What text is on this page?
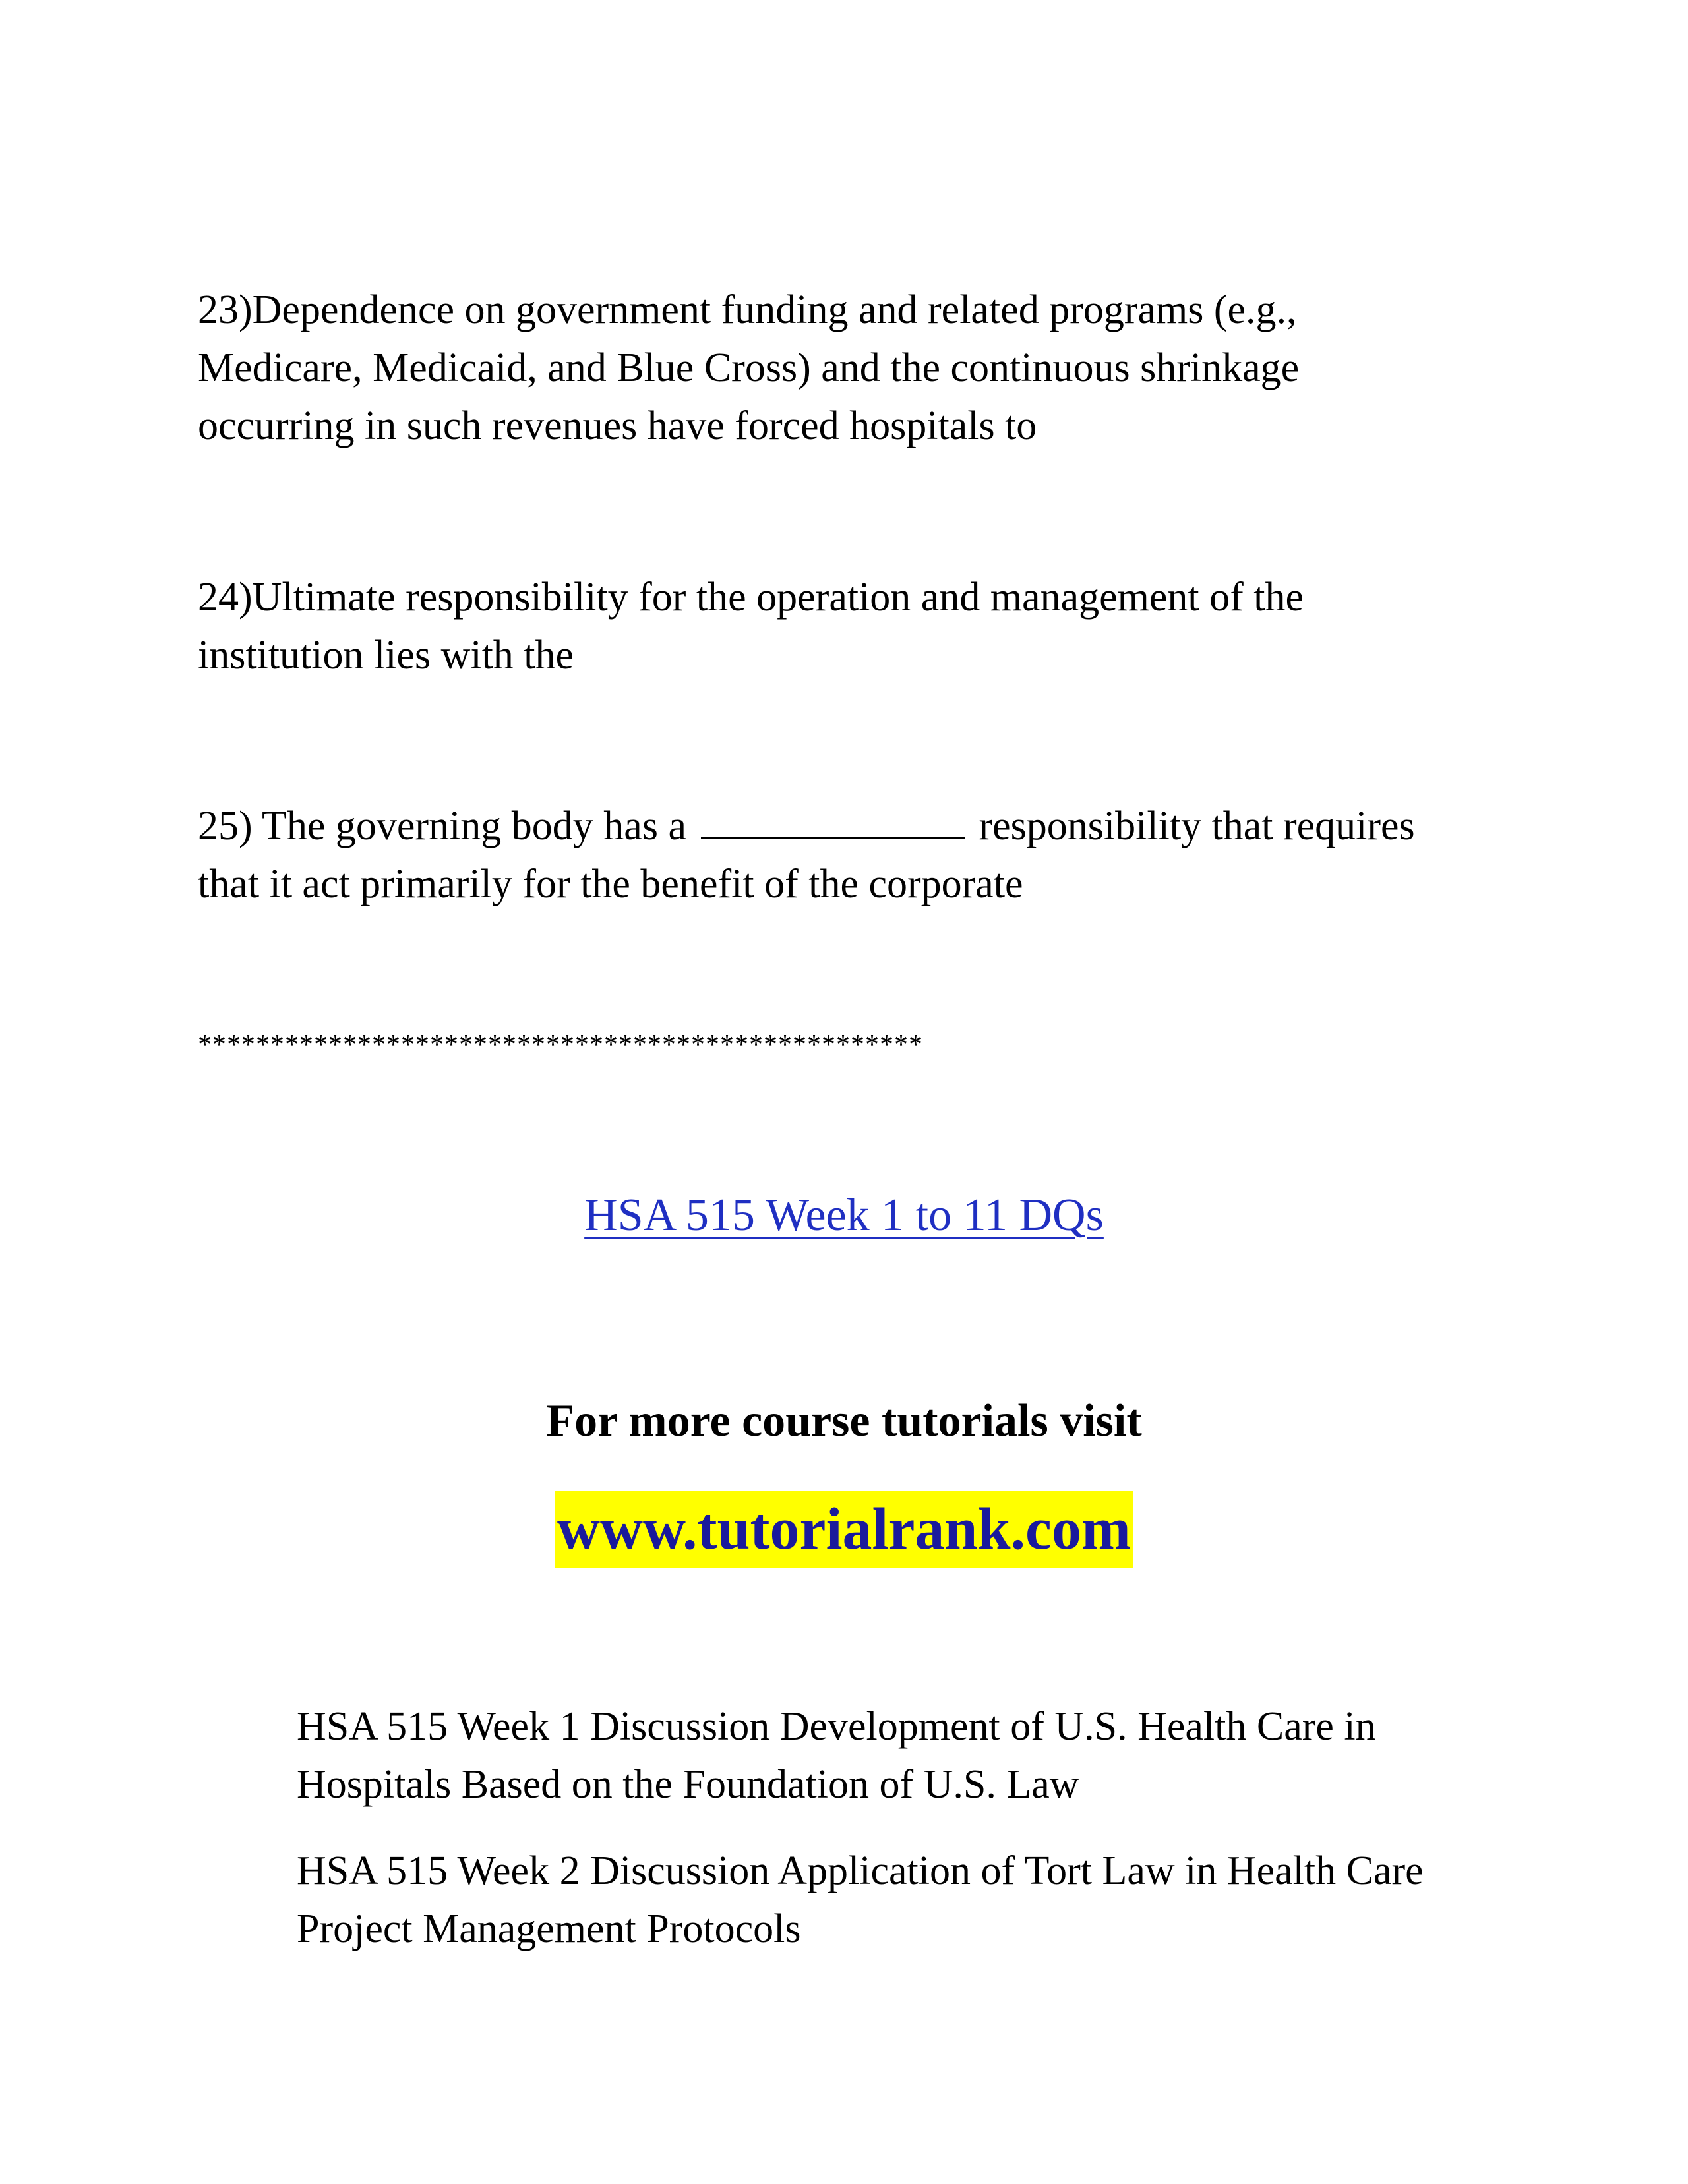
23)Dependence on government funding and related programs (e.g., Medicare, Medicaid, and Blue Cross) and the continuous shrinkage occurring in such revenues have forced hospitals to

24)Ultimate responsibility for the operation and management of the institution lies with the

25) The governing body has a	responsibility that requires that it act primarily for the benefit of the corporate

**************************************************

HSA 515 Week 1 to 11 DQs

For more course tutorials visit

www.tutorialrank.com

HSA 515 Week 1 Discussion Development of U.S. Health Care in Hospitals Based on the Foundation of U.S. Law

HSA 515 Week 2 Discussion Application of Tort Law in Health Care Project Management Protocols
